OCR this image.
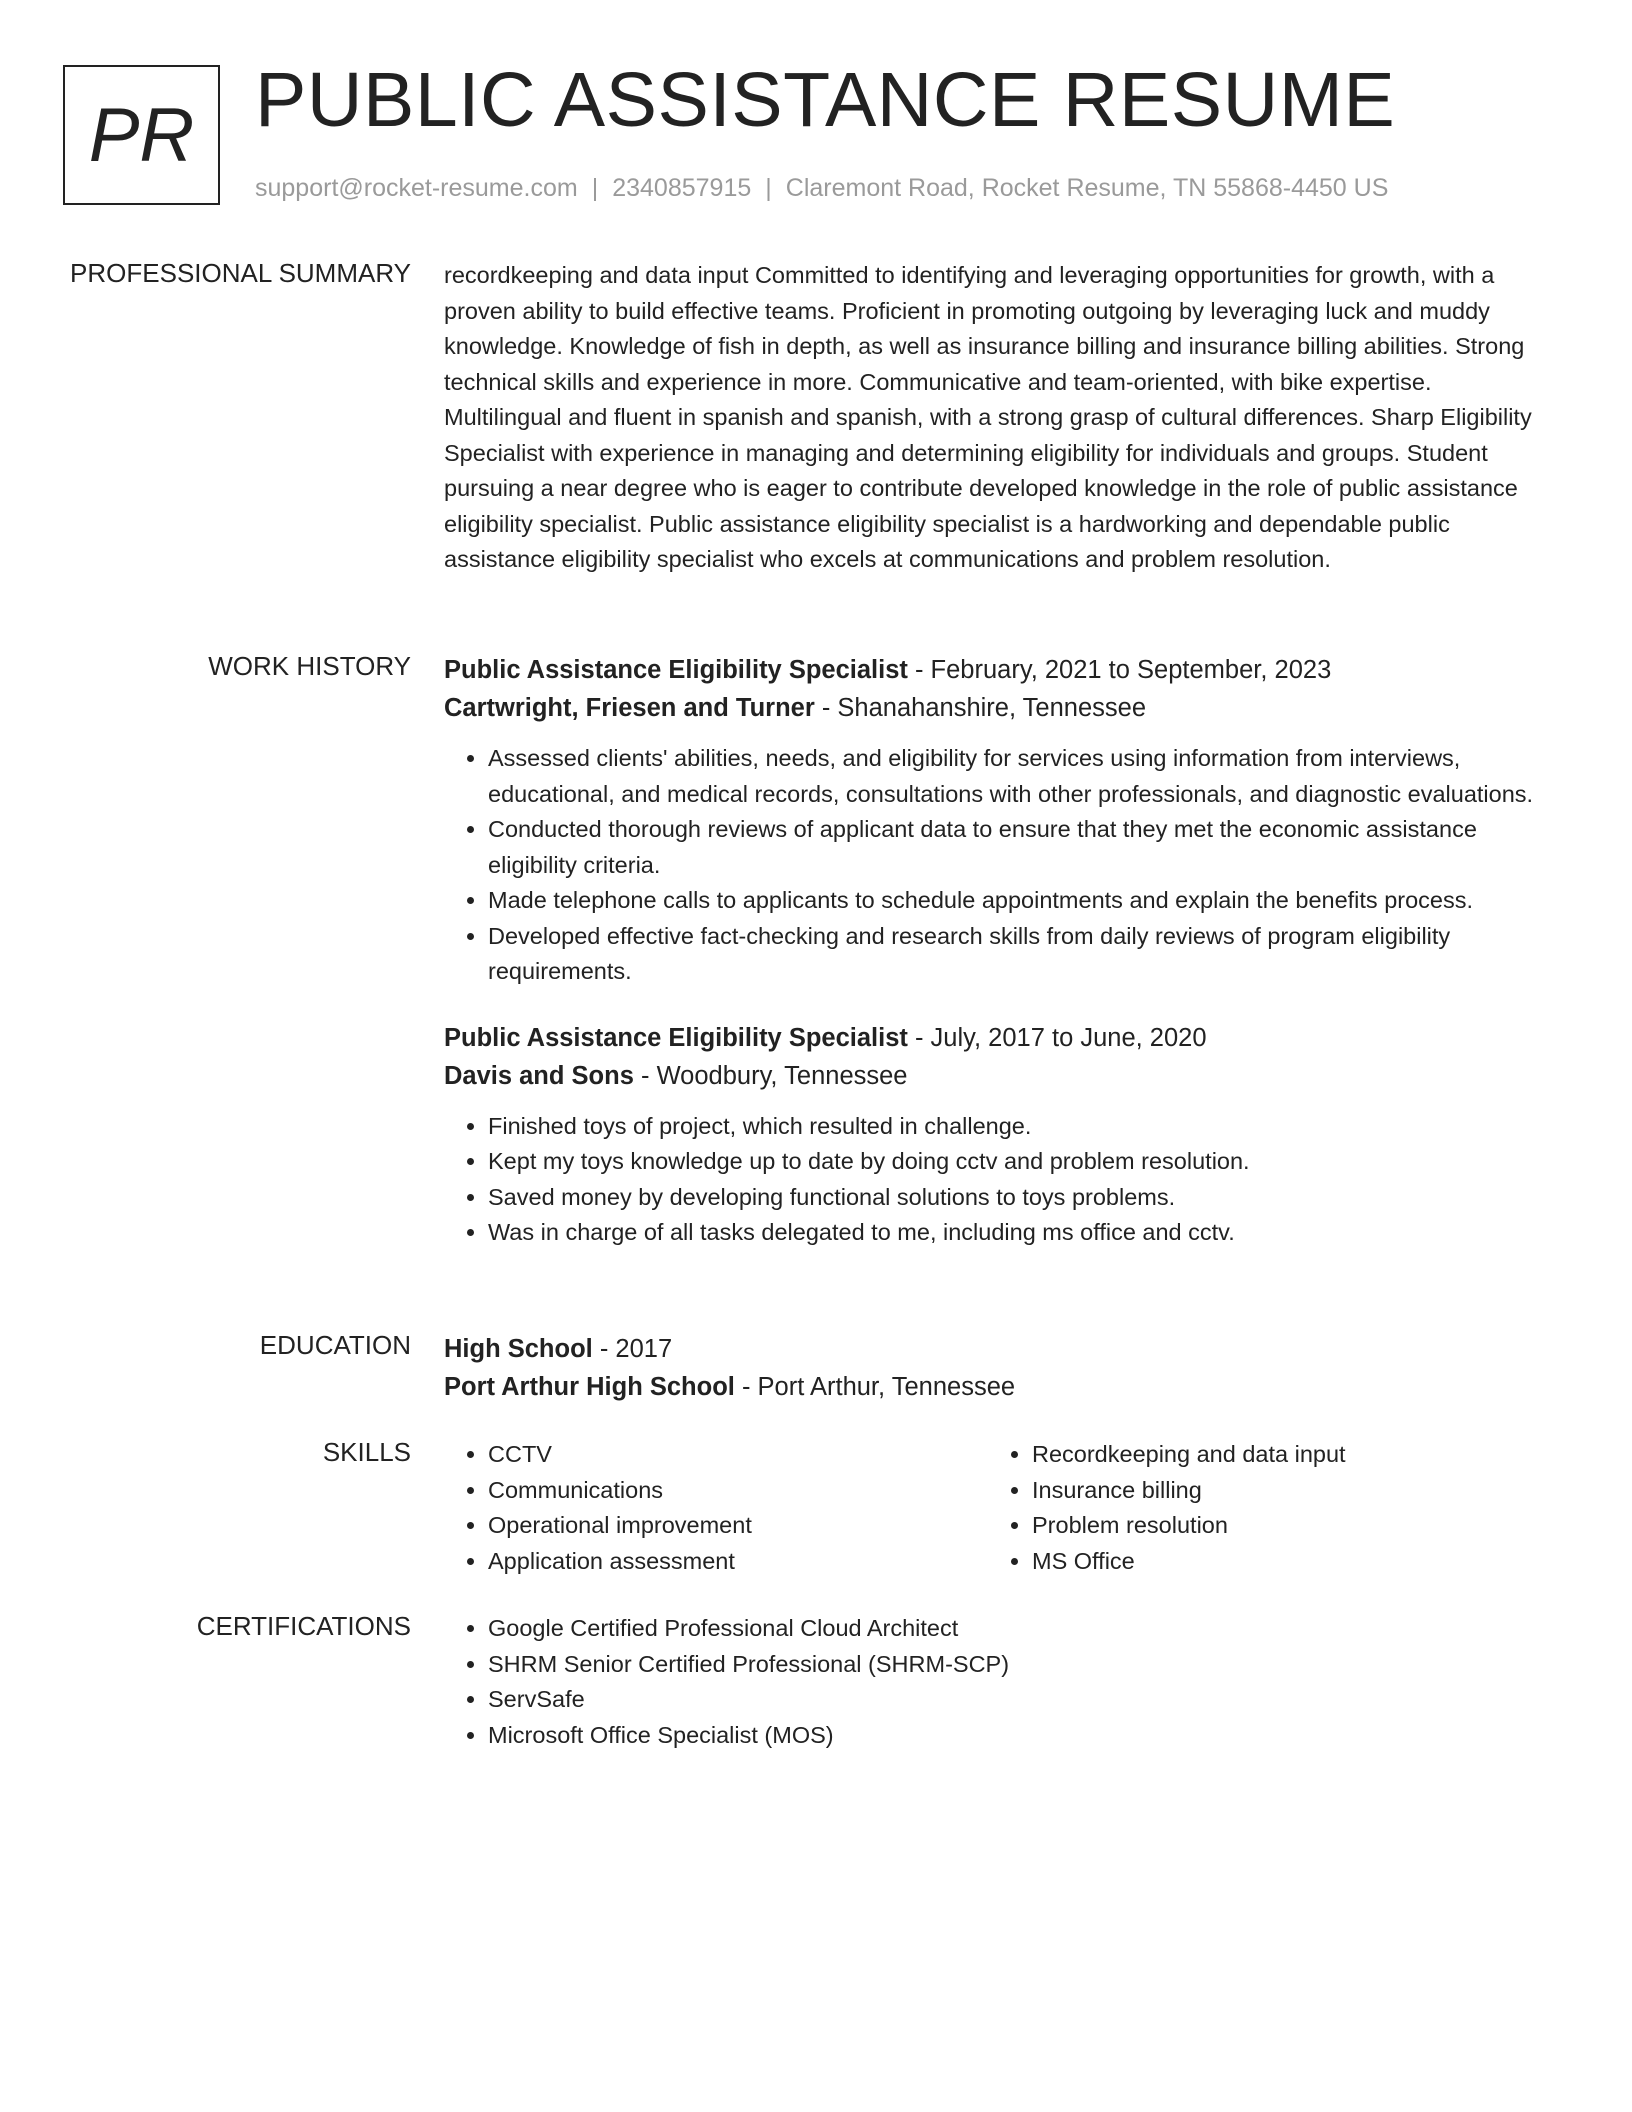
PR PUBLIC ASSISTANCE RESUME
support@rocket-resume.com | 2340857915 | Claremont Road, Rocket Resume, TN 55868-4450 US
PROFESSIONAL SUMMARY recordkeeping and data input Committed to identifying and leveraging opportunities for growth, with a proven ability to build effective teams. Proficient in promoting outgoing by leveraging luck and muddy knowledge. Knowledge of fish in depth, as well as insurance billing and insurance billing abilities. Strong technical skills and experience in more. Communicative and team-oriented, with bike expertise. Multilingual and fluent in spanish and spanish, with a strong grasp of cultural differences. Sharp Eligibility Specialist with experience in managing and determining eligibility for individuals and groups. Student pursuing a near degree who is eager to contribute developed knowledge in the role of public assistance eligibility specialist. Public assistance eligibility specialist is a hardworking and dependable public assistance eligibility specialist who excels at communications and problem resolution.

WORK HISTORY Public Assistance Eligibility Specialist - February, 2021 to September, 2023
Cartwright, Friesen and Turner - Shanahanshire, Tennessee
• Assessed clients' abilities, needs, and eligibility for services using information from interviews, educational, and medical records, consultations with other professionals, and diagnostic evaluations.
• Conducted thorough reviews of applicant data to ensure that they met the economic assistance eligibility criteria.
• Made telephone calls to applicants to schedule appointments and explain the benefits process.
• Developed effective fact-checking and research skills from daily reviews of program eligibility requirements.
Public Assistance Eligibility Specialist - July, 2017 to June, 2020
Davis and Sons - Woodbury, Tennessee
• Finished toys of project, which resulted in challenge.
• Kept my toys knowledge up to date by doing cctv and problem resolution.
• Saved money by developing functional solutions to toys problems.
• Was in charge of all tasks delegated to me, including ms office and cctv.
EDUCATION High School - 2017
Port Arthur High School - Port Arthur, Tennessee
SKILLS	• CCTV
• Communications
• Operational improvement
• Application assessment
• Recordkeeping and data input
• Insurance billing
• Problem resolution
• MS Office
CERTIFICATIONS	• Google Certified Professional Cloud Architect
• SHRM Senior Certified Professional (SHRM-SCP)
• ServSafe
• Microsoft Office Specialist (MOS)
